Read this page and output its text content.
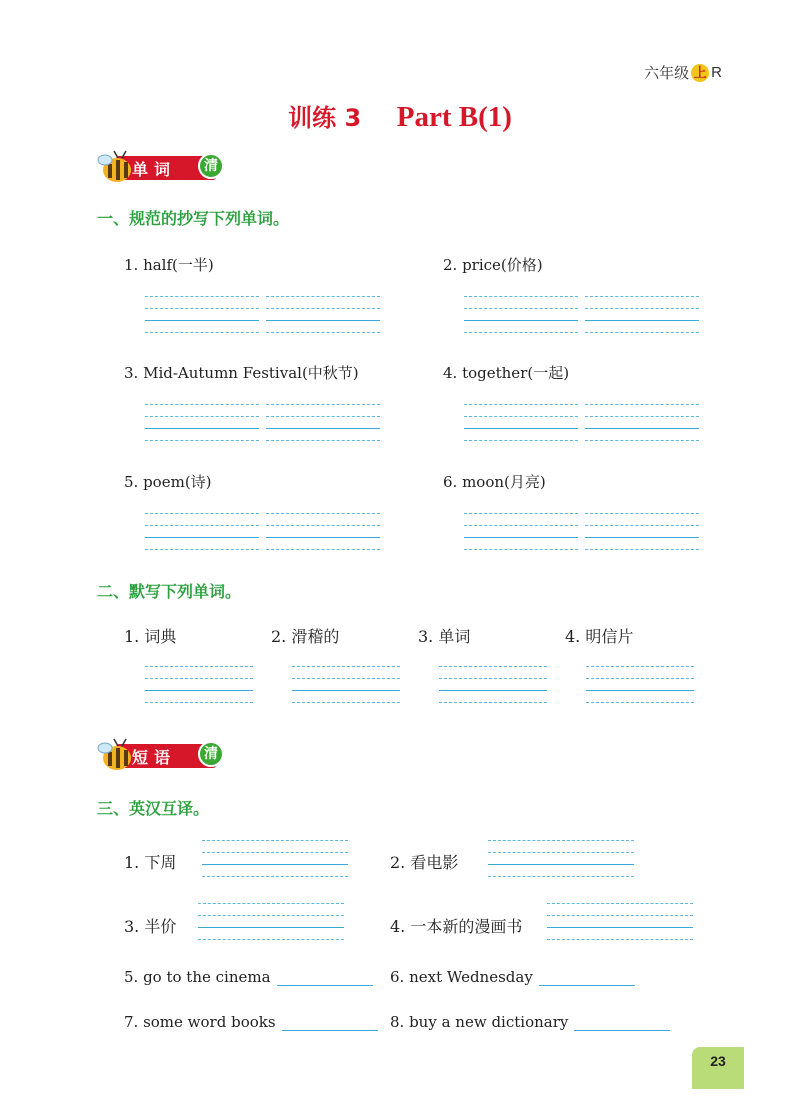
六年级 上 R
训练 3 Part B(1)
单词	清
一、规范的抄写下列单词。
1. half(一半)	2. price(价格)
3. Mid-Autumn Festival(中秋节)	4. together(一起)
5. poem(诗)	6. moon(月亮)
二、默写下列单词。
1. 词典	2. 滑稽的	3. 单词	4. 明信片
短语	清
三、英汉互译。
1. 下周	2. 看电影
3. 半价	4. 一本新的漫画书
5. go to the cinema	6. next Wednesday
7. some word books	8. buy a new dictionary
23
